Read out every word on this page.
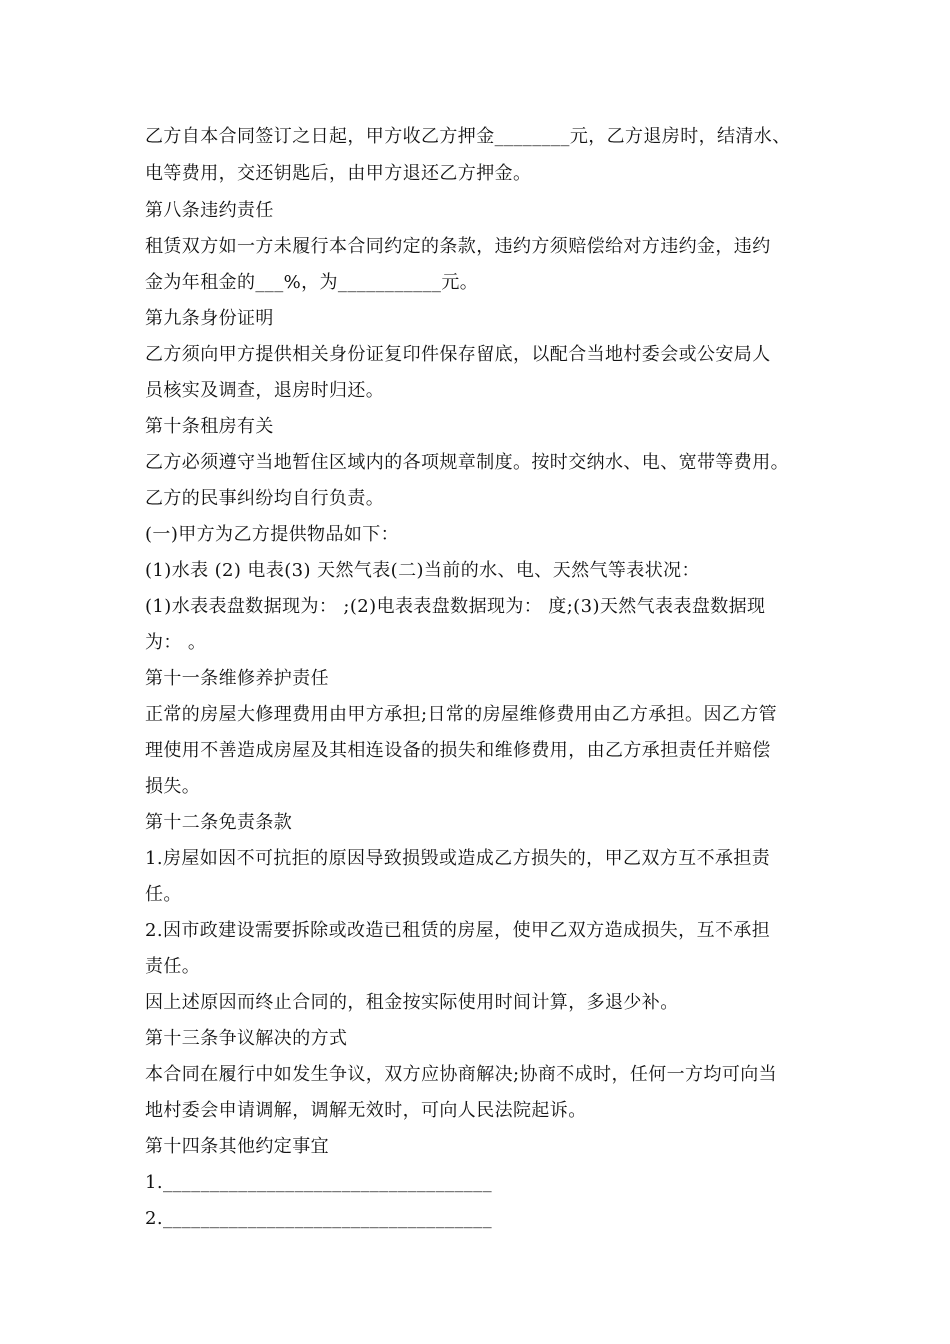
乙方自本合同签订之日起，甲方收乙方押金________元，乙方退房时，结清水、
电等费用，交还钥匙后，由甲方退还乙方押金。
第八条违约责任
租赁双方如一方未履行本合同约定的条款，违约方须赔偿给对方违约金，违约
金为年租金的___%，为___________元。
第九条身份证明
乙方须向甲方提供相关身份证复印件保存留底，以配合当地村委会或公安局人
员核实及调查，退房时归还。
第十条租房有关
乙方必须遵守当地暂住区域内的各项规章制度。按时交纳水、电、宽带等费用。
乙方的民事纠纷均自行负责。
(一)甲方为乙方提供物品如下：
(1)水表 (2) 电表(3) 天然气表(二)当前的水、电、天然气等表状况：
(1)水表表盘数据现为： ;(2)电表表盘数据现为： 度;(3)天然气表表盘数据现
为： 。
第十一条维修养护责任
正常的房屋大修理费用由甲方承担;日常的房屋维修费用由乙方承担。因乙方管
理使用不善造成房屋及其相连设备的损失和维修费用，由乙方承担责任并赔偿
损失。
第十二条免责条款
1.房屋如因不可抗拒的原因导致损毁或造成乙方损失的，甲乙双方互不承担责
任。
2.因市政建设需要拆除或改造已租赁的房屋，使甲乙双方造成损失，互不承担
责任。
因上述原因而终止合同的，租金按实际使用时间计算，多退少补。
第十三条争议解决的方式
本合同在履行中如发生争议，双方应协商解决;协商不成时，任何一方均可向当
地村委会申请调解，调解无效时，可向人民法院起诉。
第十四条其他约定事宜
1.___________________________________
2.___________________________________
